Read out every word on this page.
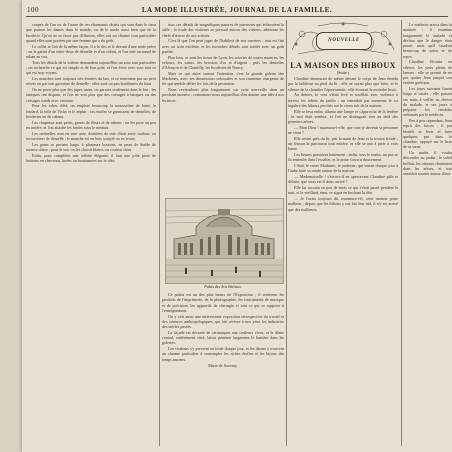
100	LA MODE ILLUSTRÉE, JOURNAL DE LA FAMILLE.

coupés de l'un ou de l'autre de ces charmants objets qui sont dans le tissu que portent les dames dans le monde, ou de le mode aussi bien que de la broderie. Qu'on ne se fasse pas d'illusion, elles ont un charme tout particulier quand elles sont portées par une femme qui a du goût.

Le collet se fait de la même façon, il a le dos et le devant d'une seule pièce ; on le garnit d'un entre-deux de dentelle et d'un volant, et l'on met un nœud de ruban au cou.

Tous les détails de la toilette demandent aujourd'hui un soin tout particulier ; on recherche ce qui est simple et de bon goût, et l'on évite avec soin tout ce qui est trop voyant.

Les manches sont toujours très étroites du bas, et se terminent par un petit revers ou par une garniture de dentelle ; elles sont un peu bouffantes du haut.

On ne porte plus que des jupes unies, ou garnies seulement dans le bas ; les tuniques ont disparu, et l'on ne voit plus que des corsages à basques ou des corsages ronds avec ceinture.

Pour les robes d'été, on emploie beaucoup la mousseline de laine, le foulard, la toile de Vichy et le zéphir ; ces étoffes se garnissent de dentelles, de broderies ou de rubans.

Les chapeaux sont petits, garnis de fleurs et de rubans ; on les pose un peu en arrière, et l'on attache les brides sous le menton.

Les ombrelles sont en soie unie, doublées de soie d'une autre couleur, ou recouvertes de dentelle ; le manche est en bois sculpté ou en ivoire.

Les gants se portent longs, à plusieurs boutons, en peau de Suède de nuance claire ; pour le soir on les choisit blancs ou couleur chair.

Enfin, pour compléter une toilette élégante, il faut une jolie paire de bottines en chevreau, lacées ou boutonnées sur le côté.

tous ces détails de magnifiques parures de pierreries qui éclairaient la salle ; la foule des visiteurs se pressait autour des vitrines, admirant les chefs-d'œuvre de nos artistes.

C'est là que l'on peut juger de l'habileté de nos ouvriers ; tout est fini avec un soin extrême, et les moindres détails sont traités avec un goût parfait.

Plus loin, ce sont les tissus de Lyon, les soieries de toutes nuances, les velours, les satins, les brocarts d'or et d'argent ; puis les dentelles d'Alençon et de Chantilly, les broderies de Nancy.

Mais ce qui attire surtout l'attention, c'est la grande galerie des Machines, avec ses dimensions colossales et son immense charpente de fer qui semble défier les lois de la pesanteur.

Nous reviendrons plus longuement sur cette merveille dans un prochain numéro ; contentons-nous aujourd'hui d'en donner une idée à nos lectrices.

Palais des Arts libéraux.

Ce palais est un des plus beaux de l'Exposition ; il renferme les produits de l'imprimerie, de la photographie, les instruments de musique et de précision, les appareils de chirurgie et tout ce qui se rapporte à l'enseignement.

On y voit aussi une intéressante exposition rétrospective du travail et des sciences anthropologiques, qui fait revivre à nos yeux les industries des siècles passés.

La façade est décorée de céramiques aux couleurs vives, et le dôme central, entièrement vitré, laisse pénétrer largement la lumière dans les galeries.

Les visiteurs s'y pressent en foule chaque jour, et les dames y trouvent un charme particulier à contempler les riches étoffes et les bijoux des temps anciens.

Marie de Saverny.
NOUVELLE
LA MAISON DES HIBOUX
(Suite.)

Claudine demeurait de même devant le corps de Jean étendu par la faiblesse au pied du lit ; elle ne savait plus que faire, et le silence de la chambre l'épouvantait ; elle écoutait le moindre bruit.

Au dehors, le vent s'était levé et soufflait avec violence à travers les arbres du jardin ; on entendait par moments le cri lugubre des hiboux perchés sur le vieux toit de la maison.

Elle se leva enfin, alluma une lampe et s'approcha de la fenêtre ; la nuit était sombre, et l'on ne distinguait rien au delà des premiers arbres.

— Mon Dieu ! murmura-t-elle, que vais-je devenir si personne ne vient ?

Elle revint près du lit, prit la main de Jean et la trouva froide ; un frisson la parcourut tout entière, et elle se mit à prier à voix basse.

Les heures passaient lentement ; enfin, vers le matin, un pas se fit entendre dans l'escalier, et la porte s'ouvrit doucement.

C'était le vieux Mathurin, le jardinier, qui venait chaque jour à l'aube faire sa ronde autour de la maison.

— Mademoiselle ! s'écria-t-il en apercevant Claudine pâle et défaite, que vous est-il donc arrivé ?

Elle lui raconta en peu de mots ce qui s'était passé pendant la nuit, et le vieillard, ému, se signa en hochant la tête.

— Je l'avais toujours dit, murmura-t-il, cette maison porte malheur ; depuis que les hiboux y ont fait leur nid, il n'y est arrivé que des malheurs.

Le médecin arriva dans la matinée ; il examina longuement le malade et déclara que le danger était passé, mais qu'il faudrait beaucoup de soins et de repos.

Claudine l'écouta en silence, les yeux pleins de larmes ; elle se promit de ne pas quitter Jean jusqu'à son entière guérison.

Les jours suivants furent longs et tristes ; elle passait ses nuits à veiller au chevet du malade, et ses jours à préparer les remèdes ordonnés par le médecin.

Peu à peu cependant, Jean reprit des forces ; il put bientôt se lever et faire quelques pas dans la chambre, appuyé sur le bras de sa sœur.

Un matin, il voulut descendre au jardin ; le soleil brillait, les oiseaux chantaient dans les arbres, et tout semblait sourire autour d'eux.
